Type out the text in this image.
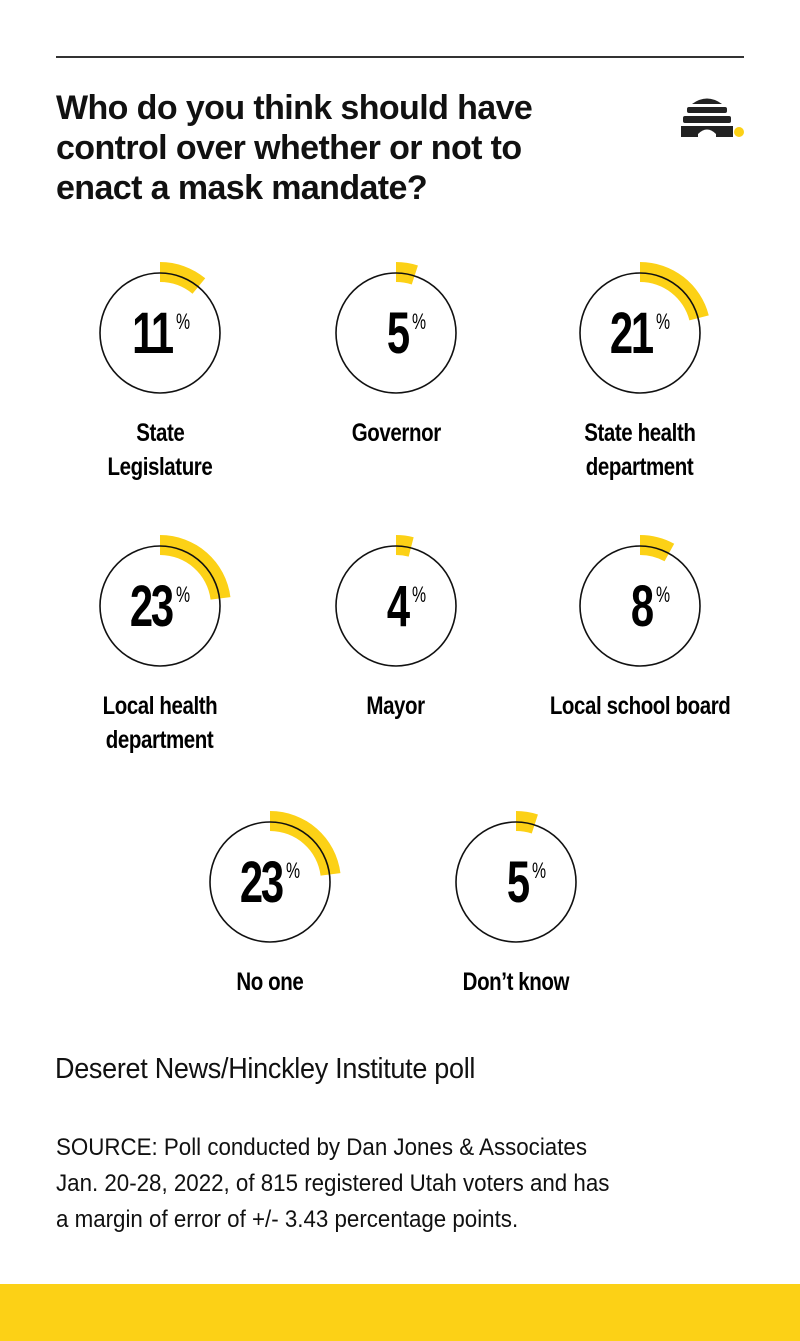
Who do you think should have
control over whether or not to
enact a mask mandate?
11 %
State
Legislature
5 %
Governor
21 %
State health
department
23 %
Local health
department
4 %
Mayor
8 %
Local school board
23 %
No one
5 %
Don’t know
Deseret News/Hinckley Institute poll
SOURCE: Poll conducted by Dan Jones & Associates
Jan. 20-28, 2022, of 815 registered Utah voters and has
a margin of error of +/- 3.43 percentage points.
